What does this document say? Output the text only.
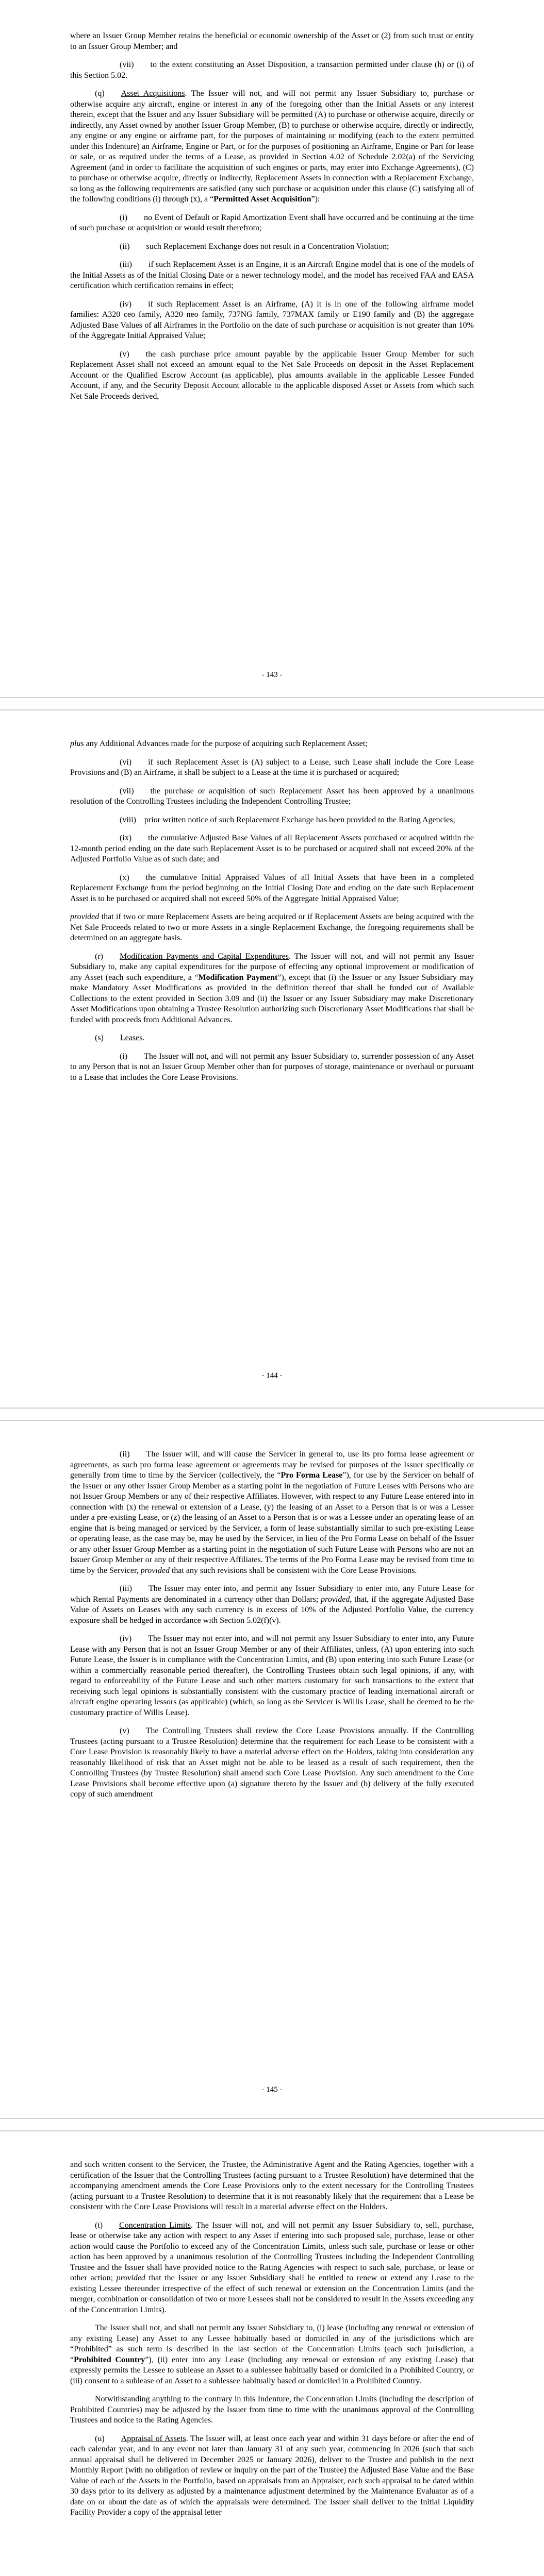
where an Issuer Group Member retains the beneficial or economic ownership of the Asset or (2) from such trust or entity to an Issuer Group Member; and

(vii)  to the extent constituting an Asset Disposition, a transaction permitted under clause (h) or (i) of this Section 5.02.

(q)  Asset Acquisitions. The Issuer will not, and will not permit any Issuer Subsidiary to, purchase or otherwise acquire any aircraft, engine or interest in any of the foregoing other than the Initial Assets or any interest therein, except that the Issuer and any Issuer Subsidiary will be permitted (A) to purchase or otherwise acquire, directly or indirectly, any Asset owned by another Issuer Group Member, (B) to purchase or otherwise acquire, directly or indirectly, any engine or any engine or airframe part, for the purposes of maintaining or modifying (each to the extent permitted under this Indenture) an Airframe, Engine or Part, or for the purposes of positioning an Airframe, Engine or Part for lease or sale, or as required under the terms of a Lease, as provided in Section 4.02 of Schedule 2.02(a) of the Servicing Agreement (and in order to facilitate the acquisition of such engines or parts, may enter into Exchange Agreements), (C) to purchase or otherwise acquire, directly or indirectly, Replacement Assets in connection with a Replacement Exchange, so long as the following requirements are satisfied (any such purchase or acquisition under this clause (C) satisfying all of the following conditions (i) through (x), a “Permitted Asset Acquisition”):

(i)  no Event of Default or Rapid Amortization Event shall have occurred and be continuing at the time of such purchase or acquisition or would result therefrom;

(ii)  such Replacement Exchange does not result in a Concentration Violation;

(iii)  if such Replacement Asset is an Engine, it is an Aircraft Engine model that is one of the models of the Initial Assets as of the Initial Closing Date or a newer technology model, and the model has received FAA and EASA certification which certification remains in effect;

(iv)  if such Replacement Asset is an Airframe, (A) it is in one of the following airframe model families: A320 ceo family, A320 neo family, 737NG family, 737MAX family or E190 family and (B) the aggregate Adjusted Base Values of all Airframes in the Portfolio on the date of such purchase or acquisition is not greater than 10% of the Aggregate Initial Appraised Value;

(v)  the cash purchase price amount payable by the applicable Issuer Group Member for such Replacement Asset shall not exceed an amount equal to the Net Sale Proceeds on deposit in the Asset Replacement Account or the Qualified Escrow Account (as applicable), plus amounts available in the applicable Lessee Funded Account, if any, and the Security Deposit Account allocable to the applicable disposed Asset or Assets from which such Net Sale Proceeds derived,

- 143 -

plus any Additional Advances made for the purpose of acquiring such Replacement Asset;

(vi)  if such Replacement Asset is (A) subject to a Lease, such Lease shall include the Core Lease Provisions and (B) an Airframe, it shall be subject to a Lease at the time it is purchased or acquired;

(vii)  the purchase or acquisition of such Replacement Asset has been approved by a unanimous resolution of the Controlling Trustees including the Independent Controlling Trustee;

(viii) prior written notice of such Replacement Exchange has been provided to the Rating Agencies;

(ix)  the cumulative Adjusted Base Values of all Replacement Assets purchased or acquired within the 12-month period ending on the date such Replacement Asset is to be purchased or acquired shall not exceed 20% of the Adjusted Portfolio Value as of such date; and

(x)  the cumulative Initial Appraised Values of all Initial Assets that have been in a completed Replacement Exchange from the period beginning on the Initial Closing Date and ending on the date such Replacement Asset is to be purchased or acquired shall not exceed 50% of the Aggregate Initial Appraised Value;

provided that if two or more Replacement Assets are being acquired or if Replacement Assets are being acquired with the Net Sale Proceeds related to two or more Assets in a single Replacement Exchange, the foregoing requirements shall be determined on an aggregate basis.

(r)  Modification Payments and Capital Expenditures. The Issuer will not, and will not permit any Issuer Subsidiary to, make any capital expenditures for the purpose of effecting any optional improvement or modification of any Asset (each such expenditure, a “Modification Payment”), except that (i) the Issuer or any Issuer Subsidiary may make Mandatory Asset Modifications as provided in the definition thereof that shall be funded out of Available Collections to the extent provided in Section 3.09 and (ii) the Issuer or any Issuer Subsidiary may make Discretionary Asset Modifications upon obtaining a Trustee Resolution authorizing such Discretionary Asset Modifications that shall be funded with proceeds from Additional Advances.

(s)  Leases.

(i)  The Issuer will not, and will not permit any Issuer Subsidiary to, surrender possession of any Asset to any Person that is not an Issuer Group Member other than for purposes of storage, maintenance or overhaul or pursuant to a Lease that includes the Core Lease Provisions.

- 144 -

(ii)  The Issuer will, and will cause the Servicer in general to, use its pro forma lease agreement or agreements, as such pro forma lease agreement or agreements may be revised for purposes of the Issuer specifically or generally from time to time by the Servicer (collectively, the “Pro Forma Lease”), for use by the Servicer on behalf of the Issuer or any other Issuer Group Member as a starting point in the negotiation of Future Leases with Persons who are not Issuer Group Members or any of their respective Affiliates. However, with respect to any Future Lease entered into in connection with (x) the renewal or extension of a Lease, (y) the leasing of an Asset to a Person that is or was a Lessee under a pre-existing Lease, or (z) the leasing of an Asset to a Person that is or was a Lessee under an operating lease of an engine that is being managed or serviced by the Servicer, a form of lease substantially similar to such pre-existing Lease or operating lease, as the case may be, may be used by the Servicer, in lieu of the Pro Forma Lease on behalf of the Issuer or any other Issuer Group Member as a starting point in the negotiation of such Future Lease with Persons who are not an Issuer Group Member or any of their respective Affiliates. The terms of the Pro Forma Lease may be revised from time to time by the Servicer, provided that any such revisions shall be consistent with the Core Lease Provisions.

(iii)  The Issuer may enter into, and permit any Issuer Subsidiary to enter into, any Future Lease for which Rental Payments are denominated in a currency other than Dollars; provided, that, if the aggregate Adjusted Base Value of Assets on Leases with any such currency is in excess of 10% of the Adjusted Portfolio Value, the currency exposure shall be hedged in accordance with Section 5.02(f)(v).

(iv)  The Issuer may not enter into, and will not permit any Issuer Subsidiary to enter into, any Future Lease with any Person that is not an Issuer Group Member or any of their Affiliates, unless, (A) upon entering into such Future Lease, the Issuer is in compliance with the Concentration Limits, and (B) upon entering into such Future Lease (or within a commercially reasonable period thereafter), the Controlling Trustees obtain such legal opinions, if any, with regard to enforceability of the Future Lease and such other matters customary for such transactions to the extent that receiving such legal opinions is substantially consistent with the customary practice of leading international aircraft or aircraft engine operating lessors (as applicable) (which, so long as the Servicer is Willis Lease, shall be deemed to be the customary practice of Willis Lease).

(v)  The Controlling Trustees shall review the Core Lease Provisions annually. If the Controlling Trustees (acting pursuant to a Trustee Resolution) determine that the requirement for each Lease to be consistent with a Core Lease Provision is reasonably likely to have a material adverse effect on the Holders, taking into consideration any reasonably likelihood of risk that an Asset might not be able to be leased as a result of such requirement, then the Controlling Trustees (by Trustee Resolution) shall amend such Core Lease Provision. Any such amendment to the Core Lease Provisions shall become effective upon (a) signature thereto by the Issuer and (b) delivery of the fully executed copy of such amendment

- 145 -

and such written consent to the Servicer, the Trustee, the Administrative Agent and the Rating Agencies, together with a certification of the Issuer that the Controlling Trustees (acting pursuant to a Trustee Resolution) have determined that the accompanying amendment amends the Core Lease Provisions only to the extent necessary for the Controlling Trustees (acting pursuant to a Trustee Resolution) to determine that it is not reasonably likely that the requirement that a Lease be consistent with the Core Lease Provisions will result in a material adverse effect on the Holders.

(t)  Concentration Limits. The Issuer will not, and will not permit any Issuer Subsidiary to, sell, purchase, lease or otherwise take any action with respect to any Asset if entering into such proposed sale, purchase, lease or other action would cause the Portfolio to exceed any of the Concentration Limits, unless such sale, purchase or lease or other action has been approved by a unanimous resolution of the Controlling Trustees including the Independent Controlling Trustee and the Issuer shall have provided notice to the Rating Agencies with respect to such sale, purchase, or lease or other action; provided that the Issuer or any Issuer Subsidiary shall be entitled to renew or extend any Lease to the existing Lessee thereunder irrespective of the effect of such renewal or extension on the Concentration Limits (and the merger, combination or consolidation of two or more Lessees shall not be considered to result in the Assets exceeding any of the Concentration Limits).

The Issuer shall not, and shall not permit any Issuer Subsidiary to, (i) lease (including any renewal or extension of any existing Lease) any Asset to any Lessee habitually based or domiciled in any of the jurisdictions which are “Prohibited” as such term is described in the last section of the Concentration Limits (each such jurisdiction, a “Prohibited Country”), (ii) enter into any Lease (including any renewal or extension of any existing Lease) that expressly permits the Lessee to sublease an Asset to a sublessee habitually based or domiciled in a Prohibited Country, or (iii) consent to a sublease of an Asset to a sublessee habitually based or domiciled in a Prohibited Country.

Notwithstanding anything to the contrary in this Indenture, the Concentration Limits (including the description of Prohibited Countries) may be adjusted by the Issuer from time to time with the unanimous approval of the Controlling Trustees and notice to the Rating Agencies.

(u)  Appraisal of Assets. The Issuer will, at least once each year and within 31 days before or after the end of each calendar year, and in any event not later than January 31 of any such year, commencing in 2026 (such that such annual appraisal shall be delivered in December 2025 or January 2026), deliver to the Trustee and publish in the next Monthly Report (with no obligation of review or inquiry on the part of the Trustee) the Adjusted Base Value and the Base Value of each of the Assets in the Portfolio, based on appraisals from an Appraiser, each such appraisal to be dated within 30 days prior to its delivery as adjusted by a maintenance adjustment determined by the Maintenance Evaluator as of a date on or about the date as of which the appraisals were determined. The Issuer shall deliver to the Initial Liquidity Facility Provider a copy of the appraisal letter
